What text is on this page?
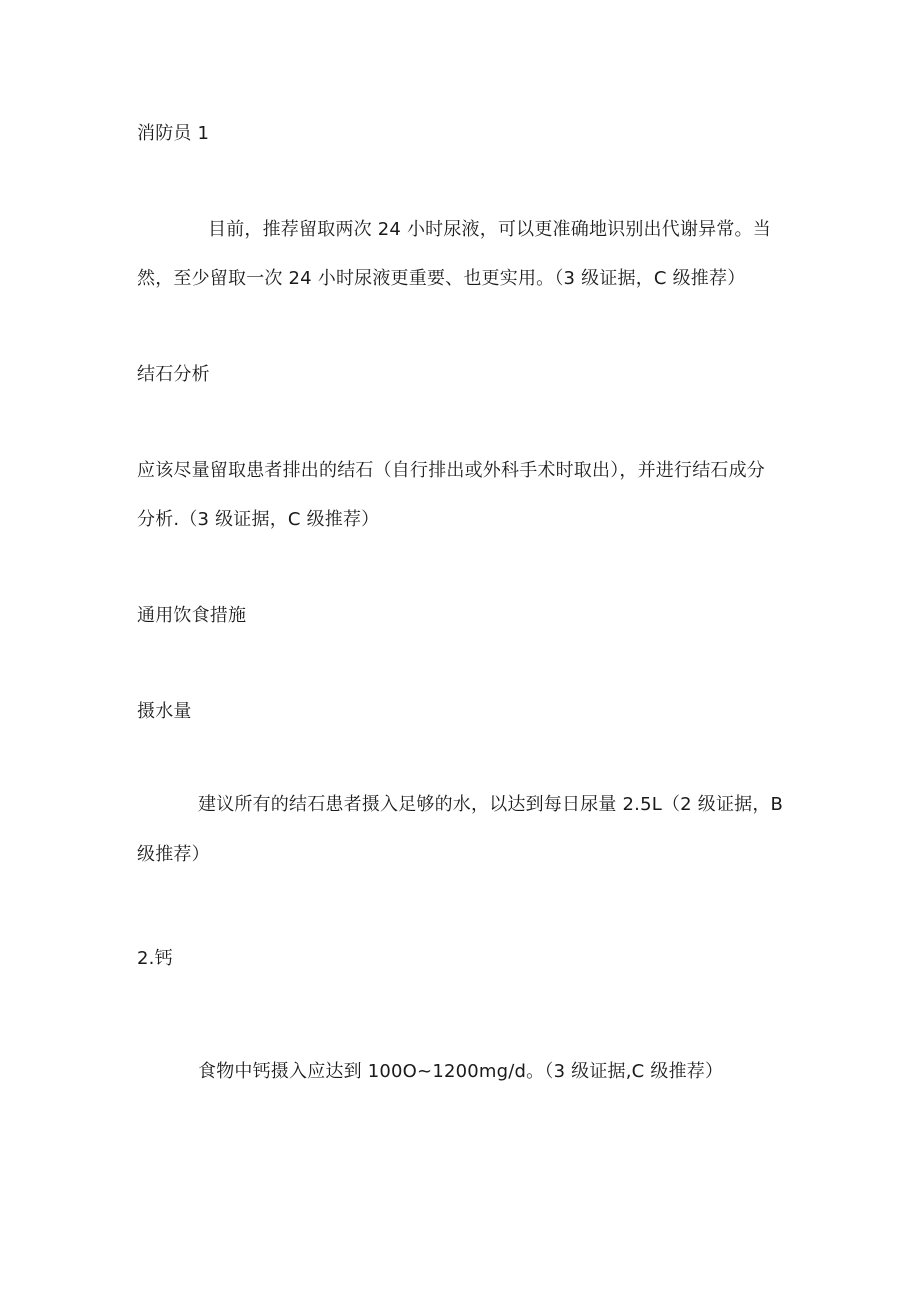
消防员 1
目前，推荐留取两次 24 小时尿液，可以更准确地识别出代谢异常。当
然，至少留取一次 24 小时尿液更重要、也更实用。（3 级证据，C 级推荐）
结石分析
应该尽量留取患者排出的结石（自行排出或外科手术时取出），并进行结石成分
分析.（3 级证据，C 级推荐）
通用饮食措施
摄水量
建议所有的结石患者摄入足够的水，以达到每日尿量 2.5L（2 级证据，B
级推荐）
2.钙
食物中钙摄入应达到 100O~1200mg∕d。（3 级证据,C 级推荐）
